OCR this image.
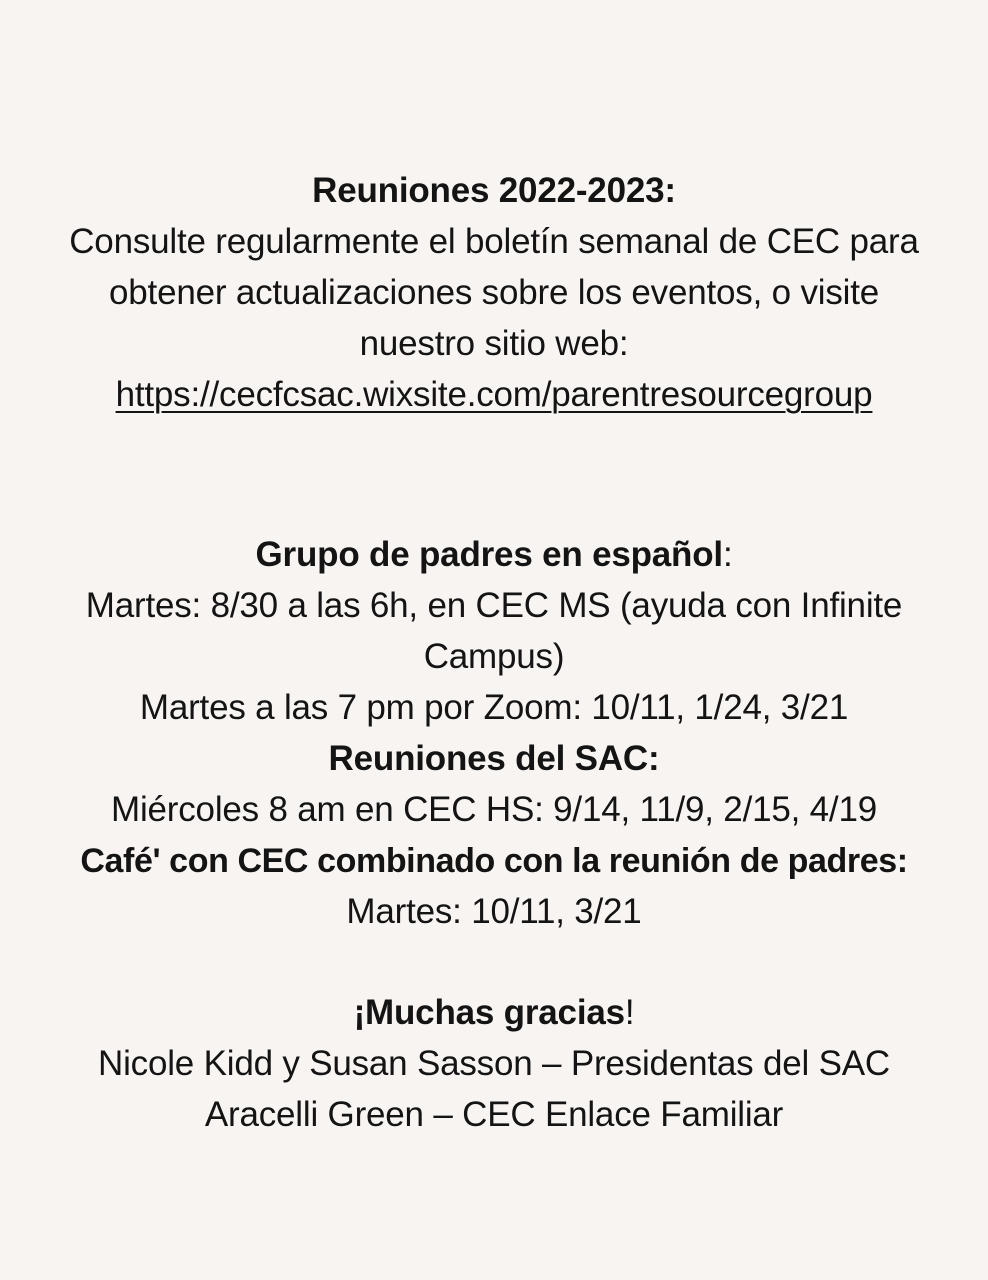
Reuniones 2022-2023:
Consulte regularmente el boletín semanal de CEC para
obtener actualizaciones sobre los eventos, o visite
nuestro sitio web:
https://cecfcsac.wixsite.com/parentresourcegroup
Grupo de padres en español:
Martes: 8/30 a las 6h, en CEC MS (ayuda con Infinite
Campus)
Martes a las 7 pm por Zoom: 10/11, 1/24, 3/21
Reuniones del SAC:
Miércoles 8 am en CEC HS: 9/14, 11/9, 2/15, 4/19
Café' con CEC combinado con la reunión de padres:
Martes: 10/11, 3/21
¡Muchas gracias!
Nicole Kidd y Susan Sasson – Presidentas del SAC
Aracelli Green – CEC Enlace Familiar
